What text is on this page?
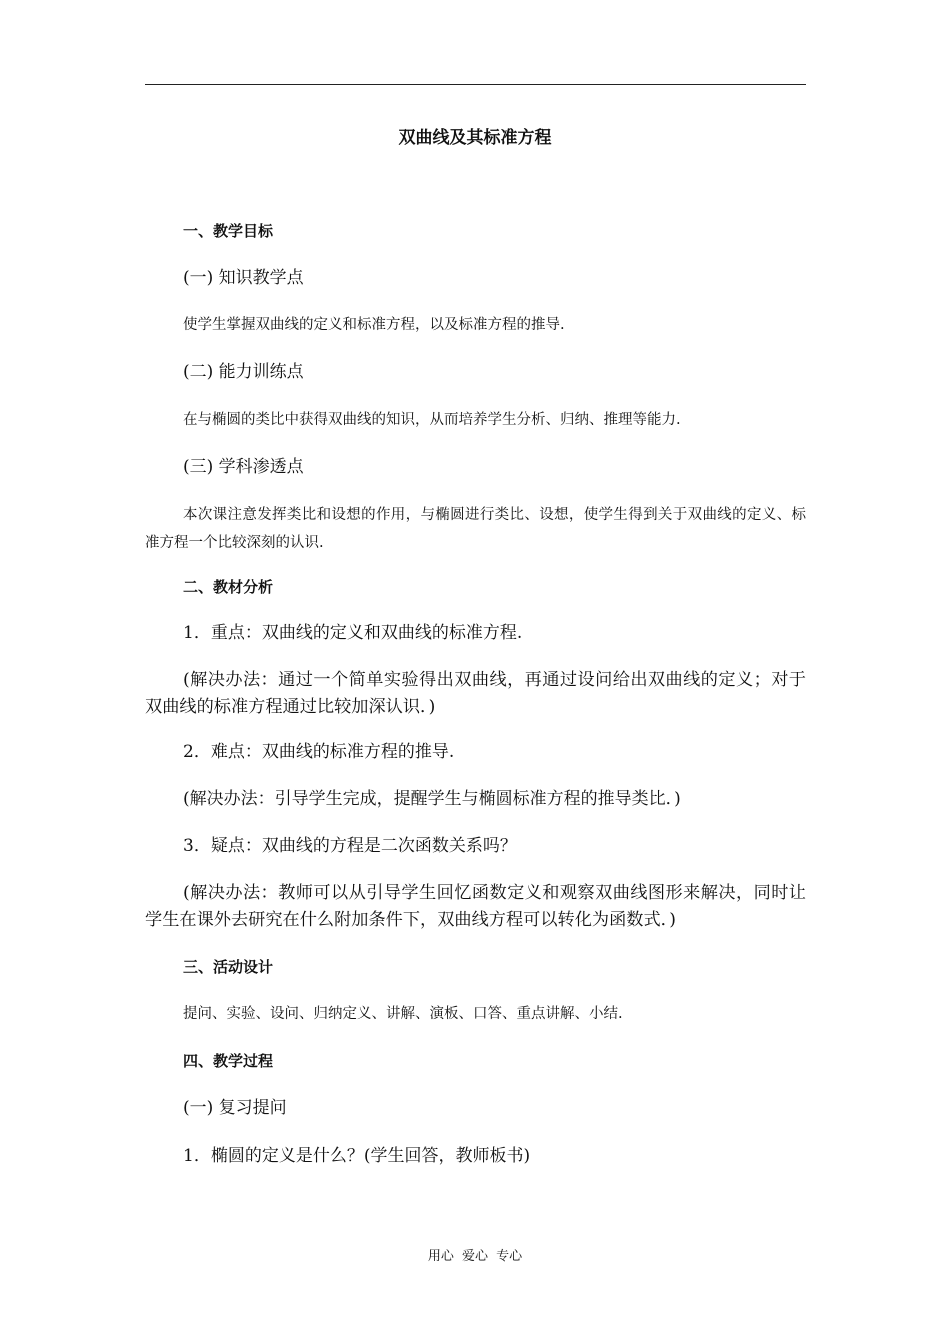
双曲线及其标准方程
一、教学目标
(一) 知识教学点
使学生掌握双曲线的定义和标准方程，以及标准方程的推导.
(二) 能力训练点
在与椭圆的类比中获得双曲线的知识，从而培养学生分析、归纳、推理等能力.
(三) 学科渗透点
本次课注意发挥类比和设想的作用，与椭圆进行类比、设想，使学生得到关于双曲线的定义、标准方程一个比较深刻的认识.
二、教材分析
1．重点：双曲线的定义和双曲线的标准方程.
(解决办法：通过一个简单实验得出双曲线，再通过设问给出双曲线的定义；对于双曲线的标准方程通过比较加深认识．)
2．难点：双曲线的标准方程的推导.
(解决办法：引导学生完成，提醒学生与椭圆标准方程的推导类比．)
3．疑点：双曲线的方程是二次函数关系吗？
(解决办法：教师可以从引导学生回忆函数定义和观察双曲线图形来解决，同时让学生在课外去研究在什么附加条件下，双曲线方程可以转化为函数式．)
三、活动设计
提问、实验、设问、归纳定义、讲解、演板、口答、重点讲解、小结.
四、教学过程
(一) 复习提问
1．椭圆的定义是什么？(学生回答，教师板书)
用心 爱心 专心
